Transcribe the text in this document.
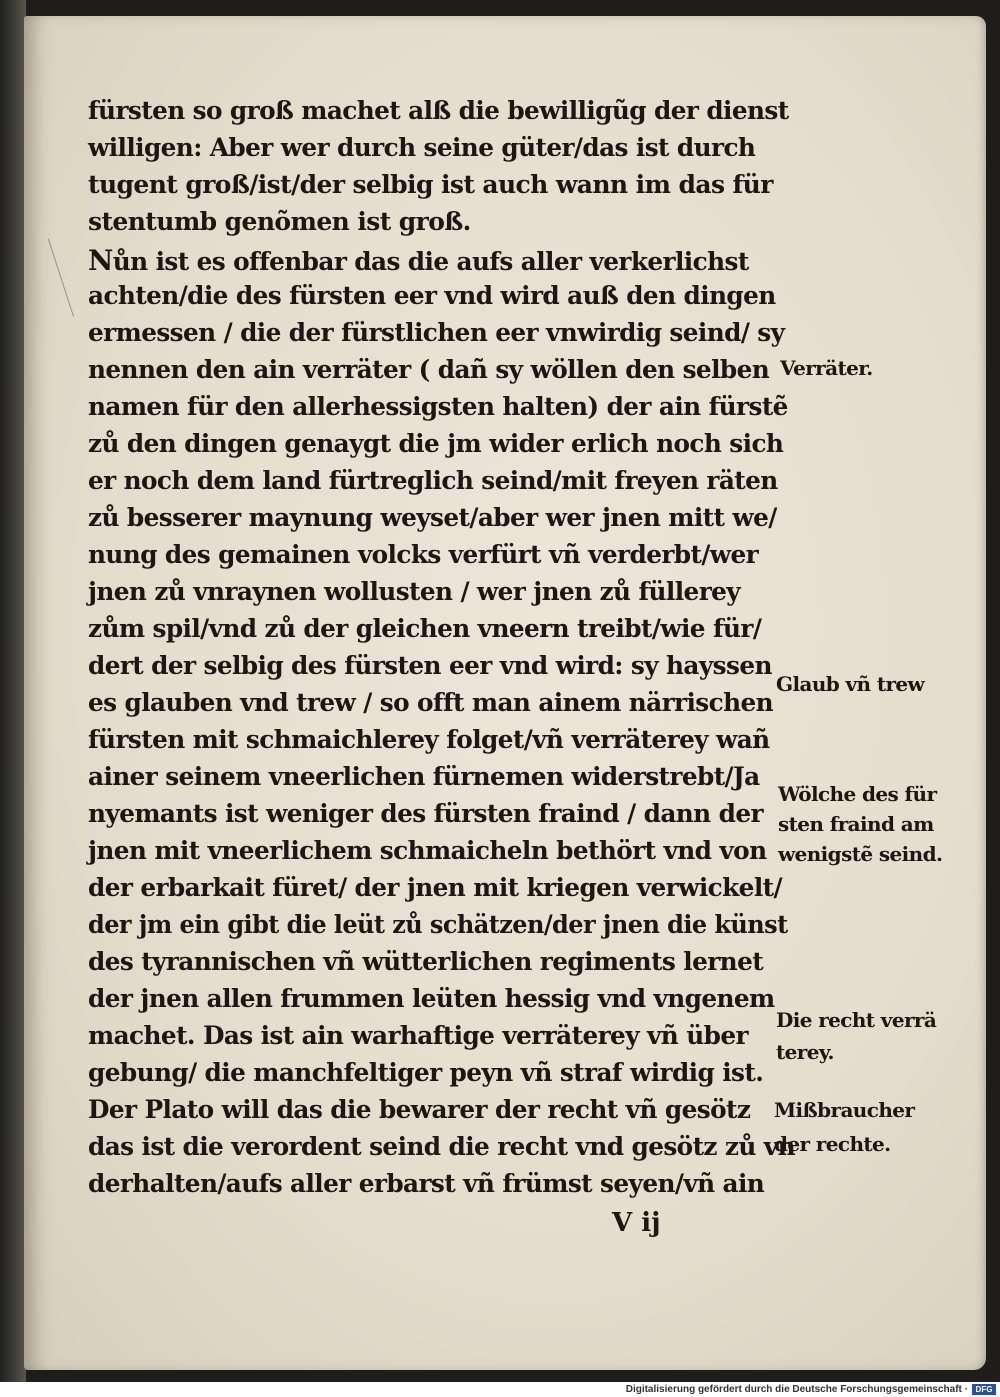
fürsten so groß machet alß die bewilligũg der dienst
willigen: Aber wer durch seine güter/das ist durch
tugent groß/ist/der selbig ist auch wann im das für
stentumb genõmen ist groß.
Nůn ist es offenbar das die aufs aller verkerlichst
achten/die des fürsten eer vnd wird auß den dingen
ermessen / die der fürstlichen eer vnwirdig seind/ sy
nennen den ain verräter ( dañ sy wöllen den selben
namen für den allerhessigsten halten) der ain fürstẽ
zů den dingen genaygt die jm wider erlich noch sich
er noch dem land fürtreglich seind/mit freyen räten
zů besserer maynung weyset/aber wer jnen mitt we/
nung des gemainen volcks verfürt vñ verderbt/wer
jnen zů vnraynen wollusten / wer jnen zů füllerey
zům spil/vnd zů der gleichen vneern treibt/wie für/
dert der selbig des fürsten eer vnd wird: sy hayssen
es glauben vnd trew / so offt man ainem närrischen
fürsten mit schmaichlerey folget/vñ verräterey wañ
ainer seinem vneerlichen fürnemen widerstrebt/Ja
nyemants ist weniger des fürsten fraind / dann der
jnen mit vneerlichem schmaicheln bethört vnd von
der erbarkait füret/ der jnen mit kriegen verwickelt/
der jm ein gibt die leüt zů schätzen/der jnen die künst
des tyrannischen vñ wütterlichen regiments lernet
der jnen allen frummen leüten hessig vnd vngenem
machet. Das ist ain warhaftige verräterey vñ über
gebung/ die manchfeltiger peyn vñ straf wirdig ist.
Der Plato will das die bewarer der recht vñ gesötz
das ist die verordent seind die recht vnd gesötz zů vn
derhalten/aufs aller erbarst vñ frümst seyen/vñ ain
Verräter.
Glaub vñ trew
Wölche des für
sten fraind am
wenigstẽ seind.
Die recht verrä
terey.
Mißbraucher
der rechte.
V ij
Digitalisierung gefördert durch die Deutsche Forschungsgemeinschaft · DFG
